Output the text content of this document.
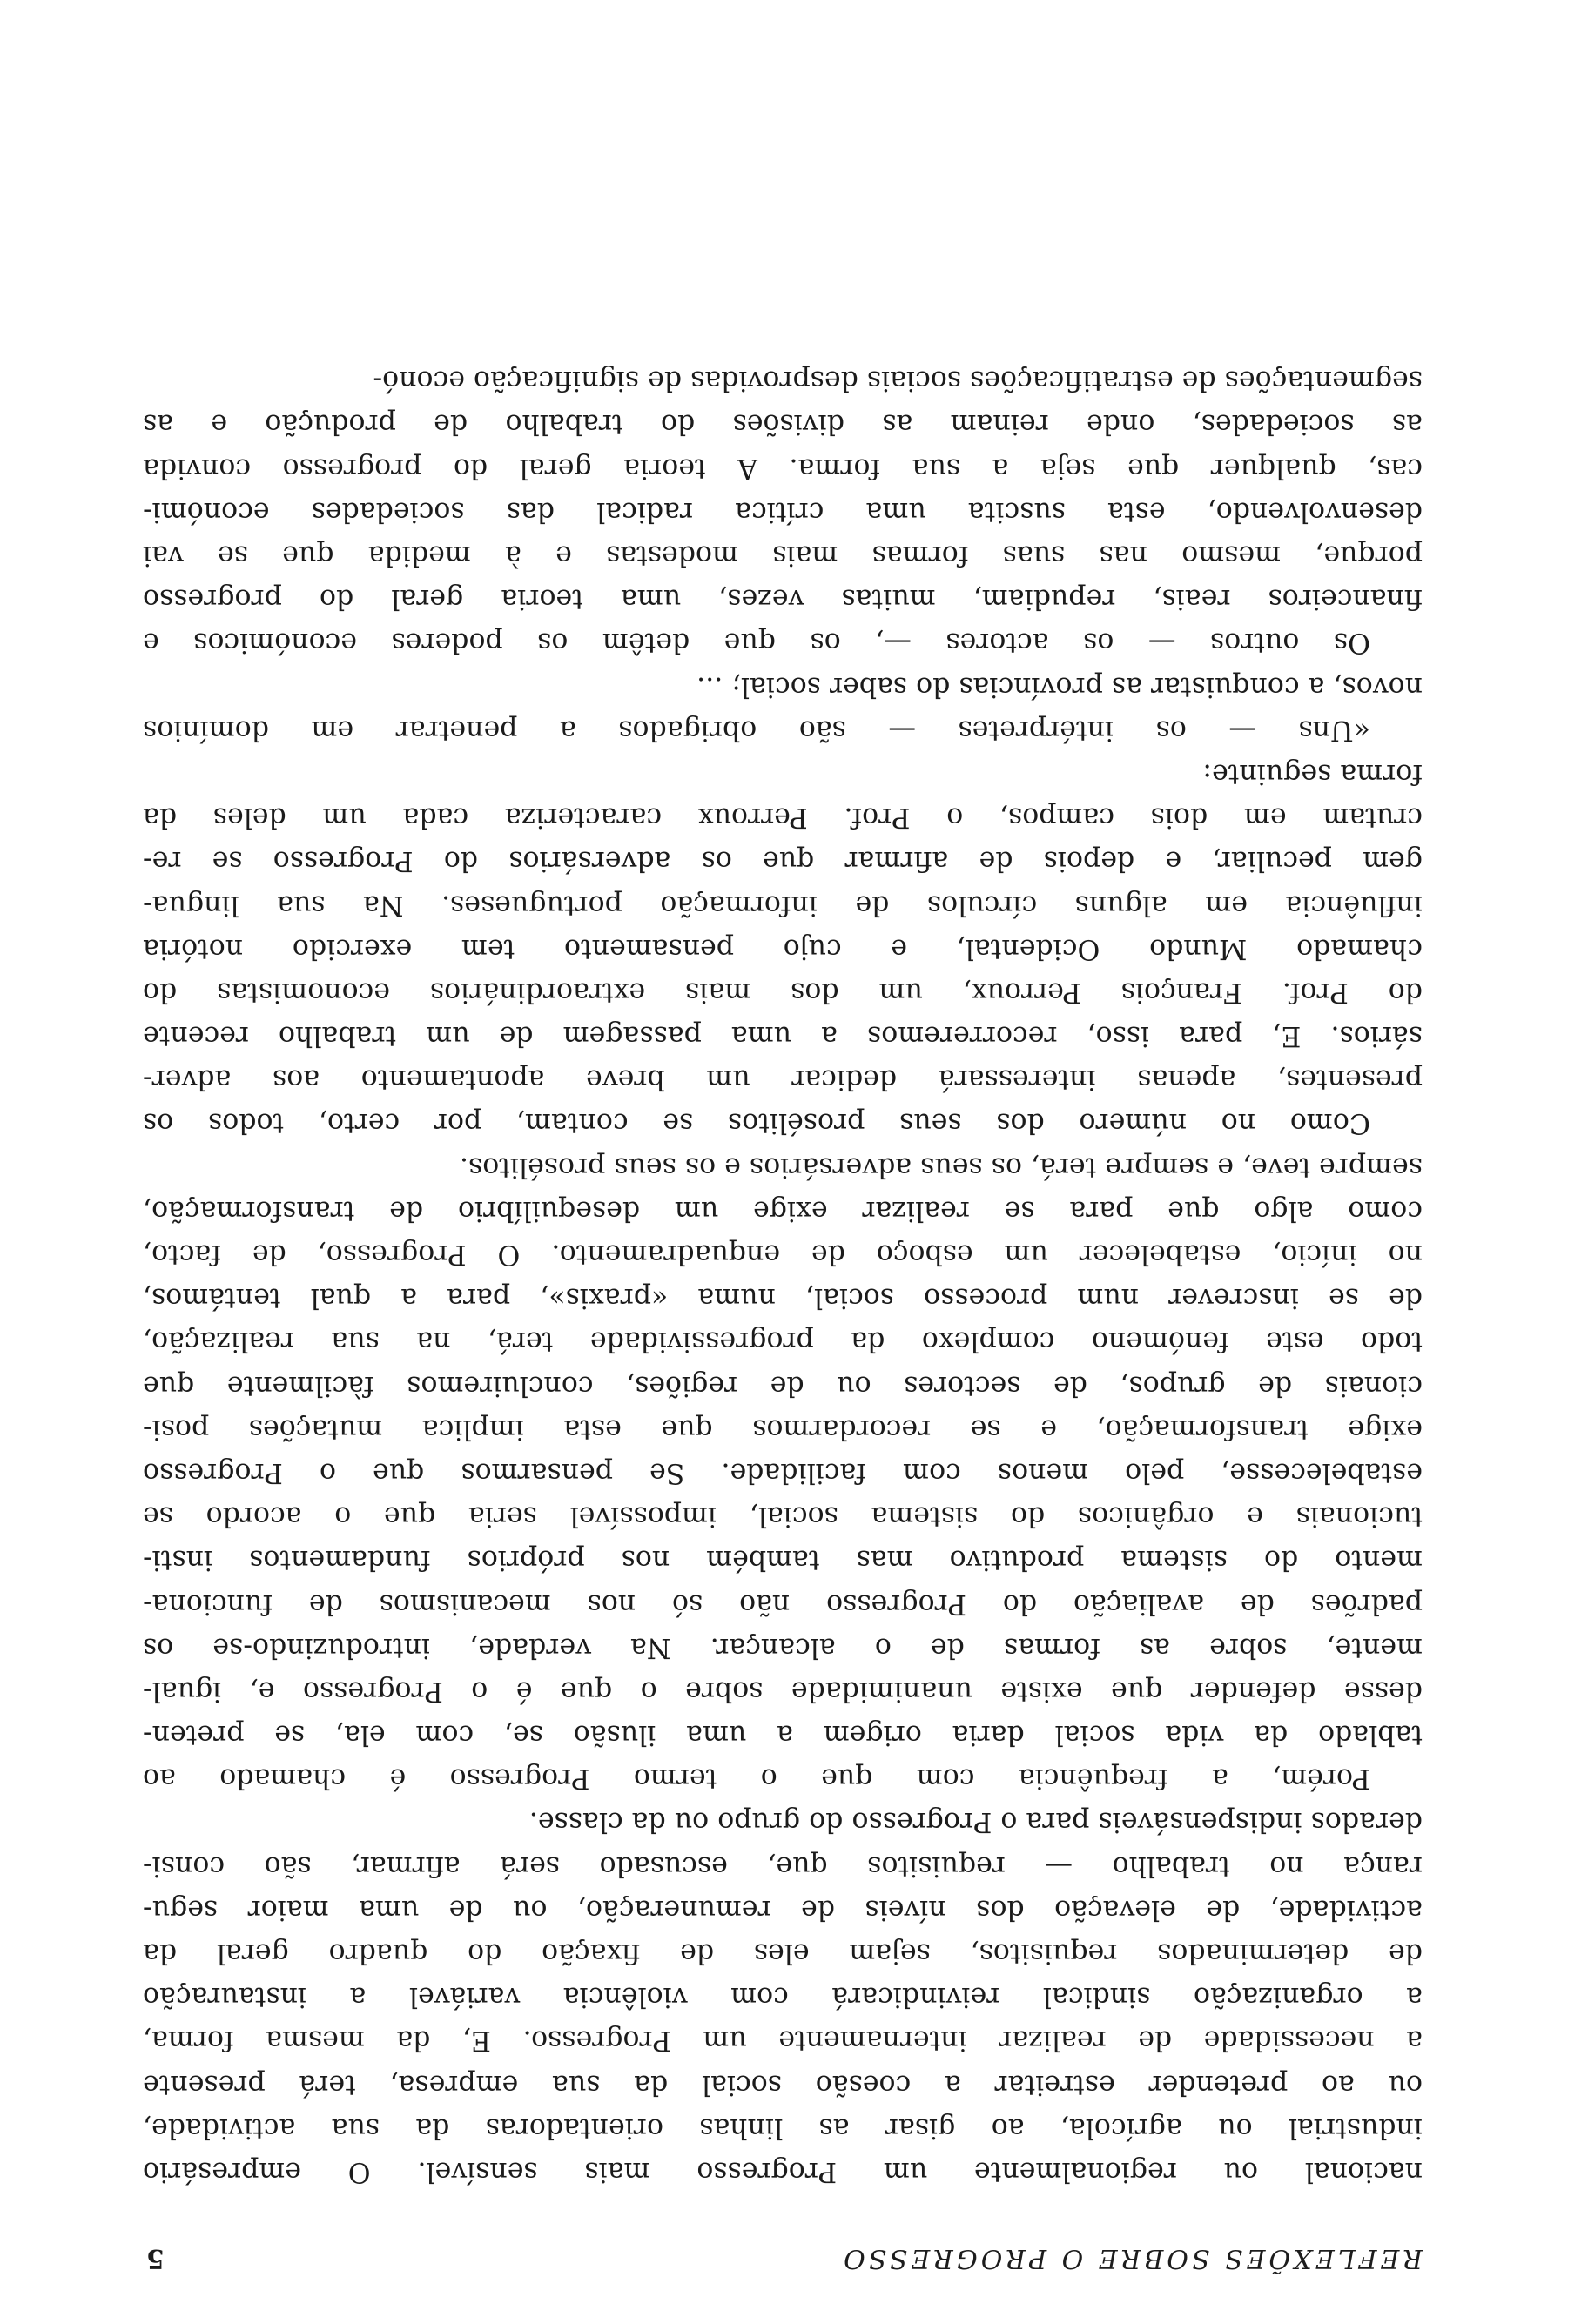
REFLEXÕES SOBRE O PROGRESSO
5
nacional ou regionalmente um Progresso mais sensível. O empresário
industrial ou agrícola, ao gisar as linhas orientadoras da sua actividade,
ou ao pretender estreitar a coesão social da sua empresa, terá presente
a necessidade de realizar internamente um Progresso. E, da mesma forma,
a organização sindical reivindicará com violência variável a instauração
de determinados requisitos, sejam eles de fixação do quadro geral da
actividade, de elevação dos níveis de remuneração, ou de uma maior segu-
rança no trabalho — requisitos que, escusado será afirmar, são consi-
derados indispensáveis para o Progresso do grupo ou da classe.
Porém, a frequência com que o termo Progresso é chamado ao
tablado da vida social daria origem a uma ilusão se, com ela, se preten-
desse defender que existe unanimidade sobre o que é o Progresso e, igual-
mente, sobre as formas de o alcançar. Na verdade, introduzindo-se os
padrões de avaliação do Progresso não só nos mecanismos de funciona-
mento do sistema produtivo mas também nos próprios fundamentos insti-
tucionais e orgânicos do sistema social, impossível seria que o acordo se
estabelecesse, pelo menos com facilidade. Se pensarmos que o Progresso
exige transformação, e se recordarmos que esta implica mutações posi-
cionais de grupos, de sectores ou de regiões, concluiremos fàcilmente que
todo este fenómeno complexo da progressividade terá, na sua realização,
de se inscrever num processo social, numa «praxis», para a qual tentámos,
no início, estabelecer um esboço de enquadramento. O Progresso, de facto,
como algo que para se realizar exige um desequilíbrio de transformação,
sempre teve, e sempre terá, os seus adversários e os seus prosélitos.
Como no número dos seus prosélitos se contam, por certo, todos os
presentes, apenas interessará dedicar um breve apontamento aos adver-
sários. E, para isso, recorreremos a uma passagem de um trabalho recente
do Prof. François Perroux, um dos mais extraordinários economistas do
chamado Mundo Ocidental, e cujo pensamento tem exercido notória
influência em alguns círculos de informação portugueses. Na sua lingua-
gem peculiar, e depois de afirmar que os adversários do Progresso se re-
crutam em dois campos, o Prof. Perroux caracteriza cada um deles da
forma seguinte:
«Uns — os intérpretes — são obrigados a penetrar em domínios
novos, a conquistar as províncias do saber social; ...
Os outros — os actores —, os que detêm os poderes económicos e
financeiros reais, repudiam, muitas vezes, uma teoria geral do progresso
porque, mesmo nas suas formas mais modestas e à medida que se vai
desenvolvendo, esta suscita uma crítica radical das sociedades económi-
cas, qualquer que seja a sua forma. A teoria geral do progresso convida
as sociedades, onde reinam as divisões do trabalho de produção e as
segmentações de estratificações sociais desprovidas de significação econó-
